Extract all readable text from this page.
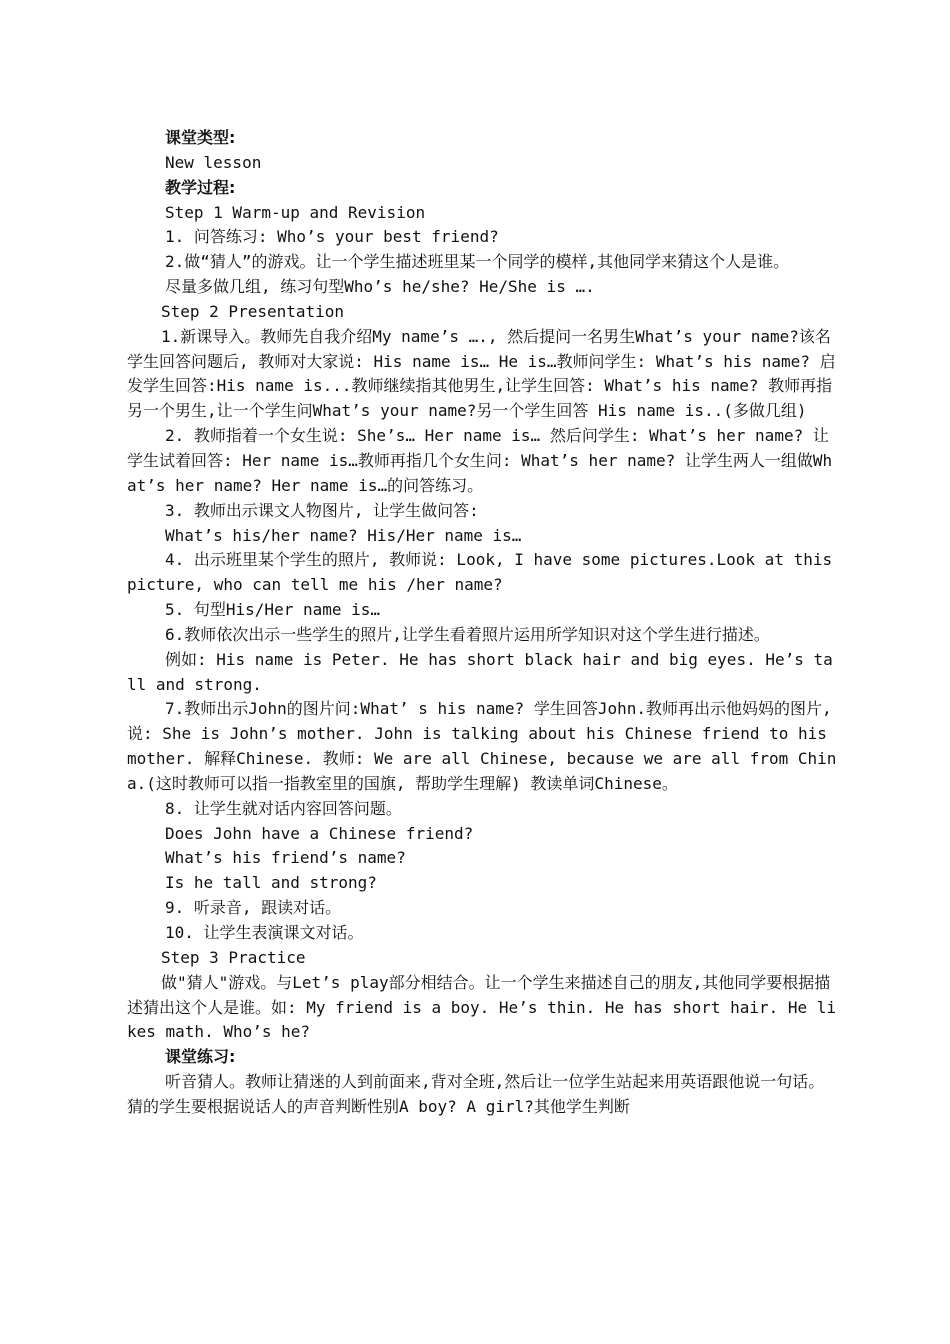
课堂类型:

New lesson

教学过程:

Step 1 Warm-up and Revision

1. 问答练习: Who’s your best friend?

2.做“猜人”的游戏。让一个学生描述班里某一个同学的模样,其他同学来猜这个人是谁。

尽量多做几组, 练习句型Who’s he/she? He/She is ….

Step 2 Presentation

1.新课导入。教师先自我介绍My name’s …., 然后提问一名男生What’s your name?该名学生回答问题后, 教师对大家说: His name is… He is…教师问学生: What’s his name? 启发学生回答:His name is...教师继续指其他男生,让学生回答: What’s his name? 教师再指另一个男生,让一个学生问What’s your name?另一个学生回答 His name is..(多做几组)

2. 教师指着一个女生说: She’s… Her name is… 然后问学生: What’s her name? 让学生试着回答: Her name is…教师再指几个女生问: What’s her name? 让学生两人一组做What’s her name? Her name is…的问答练习。

3. 教师出示课文人物图片, 让学生做问答:

What’s his/her name? His/Her name is…

4. 出示班里某个学生的照片, 教师说: Look, I have some pictures.Look at this picture, who can tell me his /her name?

5. 句型His/Her name is…

6.教师依次出示一些学生的照片,让学生看着照片运用所学知识对这个学生进行描述。

例如: His name is Peter. He has short black hair and big eyes. He’s tall and strong.

7.教师出示John的图片问:What’ s his name? 学生回答John.教师再出示他妈妈的图片, 说: She is John’s mother. John is talking about his Chinese friend to his mother. 解释Chinese. 教师: We are all Chinese, because we are all from China.(这时教师可以指一指教室里的国旗, 帮助学生理解) 教读单词Chinese。

8. 让学生就对话内容回答问题。

Does John have a Chinese friend?

What’s his friend’s name?

Is he tall and strong?

9. 听录音, 跟读对话。

10. 让学生表演课文对话。

Step 3 Practice

做"猜人"游戏。与Let’s play部分相结合。让一个学生来描述自己的朋友,其他同学要根据描述猜出这个人是谁。如: My friend is a boy. He’s thin. He has short hair. He likes math. Who’s he?

课堂练习:

听音猜人。教师让猜迷的人到前面来,背对全班,然后让一位学生站起来用英语跟他说一句话。猜的学生要根据说话人的声音判断性别A boy? A girl?其他学生判断
